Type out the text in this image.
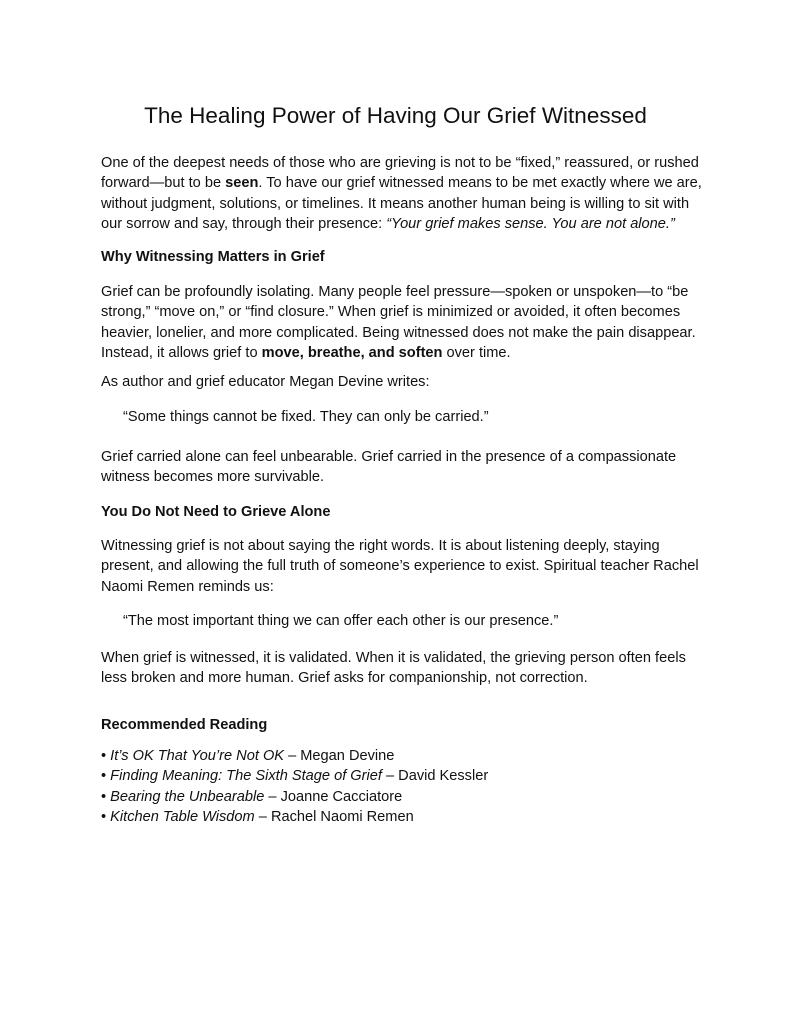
The Healing Power of Having Our Grief Witnessed

One of the deepest needs of those who are grieving is not to be “fixed,” reassured, or rushed
forward—but to be seen. To have our grief witnessed means to be met exactly where we are,
without judgment, solutions, or timelines. It means another human being is willing to sit with
our sorrow and say, through their presence: “Your grief makes sense. You are not alone.”

Why Witnessing Matters in Grief

Grief can be profoundly isolating. Many people feel pressure—spoken or unspoken—to “be
strong,” “move on,” or “find closure.” When grief is minimized or avoided, it often becomes
heavier, lonelier, and more complicated. Being witnessed does not make the pain disappear.
Instead, it allows grief to move, breathe, and soften over time.

As author and grief educator Megan Devine writes:

“Some things cannot be fixed. They can only be carried.”

Grief carried alone can feel unbearable. Grief carried in the presence of a compassionate
witness becomes more survivable.

You Do Not Need to Grieve Alone

Witnessing grief is not about saying the right words. It is about listening deeply, staying
present, and allowing the full truth of someone’s experience to exist. Spiritual teacher Rachel
Naomi Remen reminds us:

“The most important thing we can offer each other is our presence.”

When grief is witnessed, it is validated. When it is validated, the grieving person often feels
less broken and more human. Grief asks for companionship, not correction.

Recommended Reading
• It’s OK That You’re Not OK – Megan Devine
• Finding Meaning: The Sixth Stage of Grief – David Kessler
• Bearing the Unbearable – Joanne Cacciatore
• Kitchen Table Wisdom – Rachel Naomi Remen
